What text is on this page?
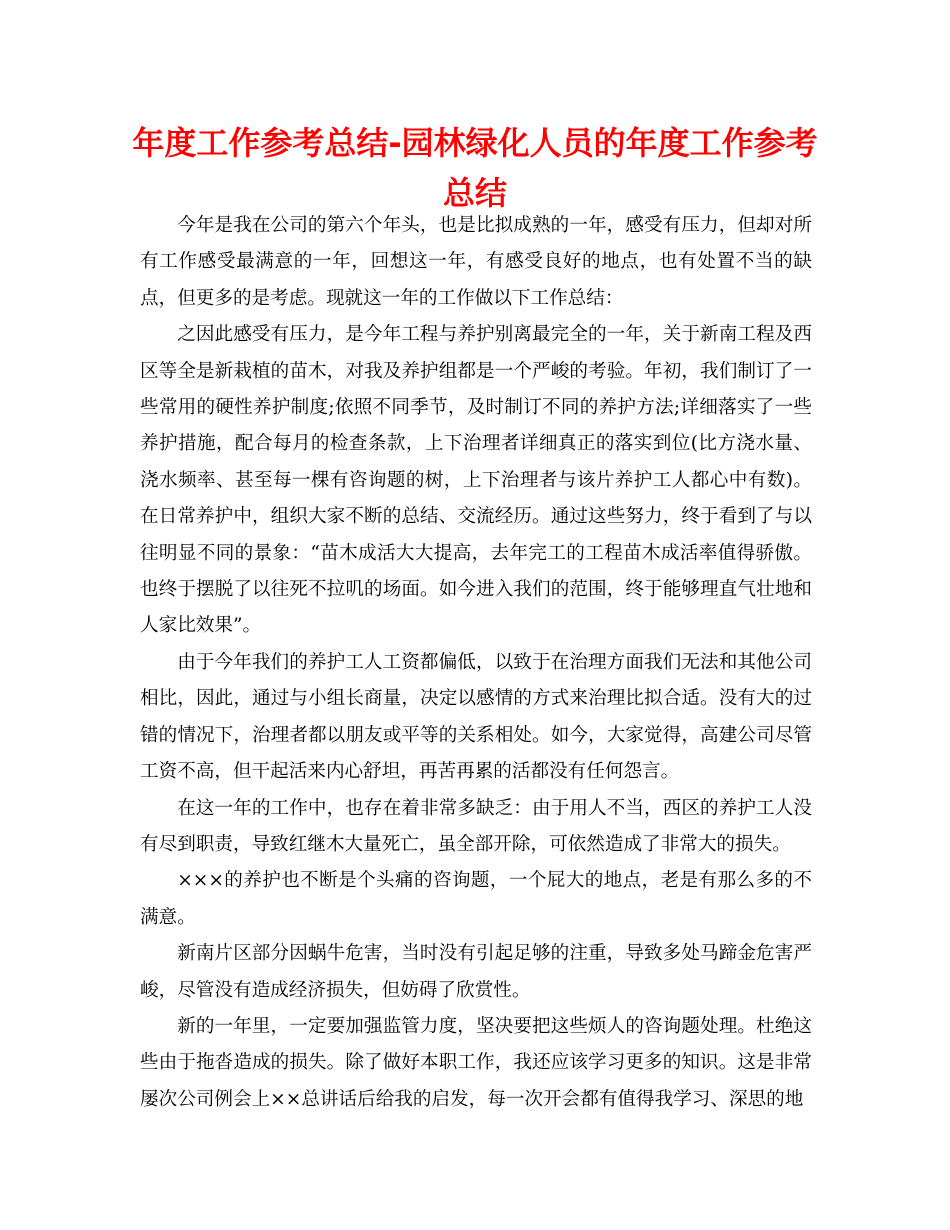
年度工作参考总结-园林绿化人员的年度工作参考总结

今年是我在公司的第六个年头，也是比拟成熟的一年，感受有压力，但却对所有工作感受最满意的一年，回想这一年，有感受良好的地点，也有处置不当的缺点，但更多的是考虑。现就这一年的工作做以下工作总结：

之因此感受有压力，是今年工程与养护别离最完全的一年，关于新南工程及西区等全是新栽植的苗木，对我及养护组都是一个严峻的考验。年初，我们制订了一些常用的硬性养护制度;依照不同季节，及时制订不同的养护方法;详细落实了一些养护措施，配合每月的检查条款，上下治理者详细真正的落实到位(比方浇水量、浇水频率、甚至每一棵有咨询题的树，上下治理者与该片养护工人都心中有数)。在日常养护中，组织大家不断的总结、交流经历。通过这些努力，终于看到了与以往明显不同的景象：“苗木成活大大提高，去年完工的工程苗木成活率值得骄傲。也终于摆脱了以往死不拉叽的场面。如今进入我们的范围，终于能够理直气壮地和人家比效果”。

由于今年我们的养护工人工资都偏低，以致于在治理方面我们无法和其他公司相比，因此，通过与小组长商量，决定以感情的方式来治理比拟合适。没有大的过错的情况下，治理者都以朋友或平等的关系相处。如今，大家觉得，高建公司尽管工资不高，但干起活来内心舒坦，再苦再累的活都没有任何怨言。

在这一年的工作中，也存在着非常多缺乏：由于用人不当，西区的养护工人没有尽到职责，导致红继木大量死亡，虽全部开除，可依然造成了非常大的损失。

×××的养护也不断是个头痛的咨询题，一个屁大的地点，老是有那么多的不满意。

新南片区部分因蜗牛危害，当时没有引起足够的注重，导致多处马蹄金危害严峻，尽管没有造成经济损失，但妨碍了欣赏性。

新的一年里，一定要加强监管力度，坚决要把这些烦人的咨询题处理。杜绝这些由于拖沓造成的损失。除了做好本职工作，我还应该学习更多的知识。这是非常屡次公司例会上××总讲话后给我的启发，每一次开会都有值得我学习、深思的地
